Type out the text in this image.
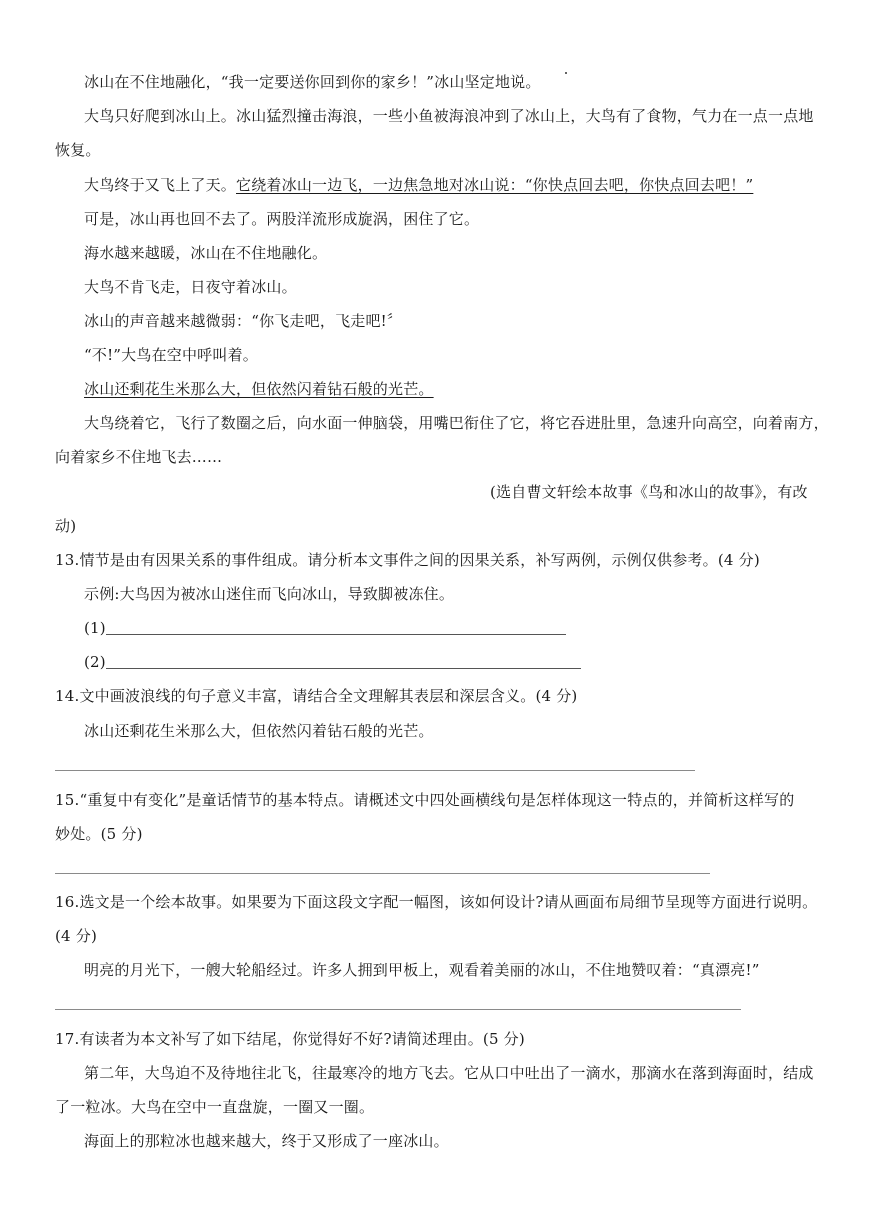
冰山在不住地融化，“我一定要送你回到你的家乡！”冰山坚定地说。
大鸟只好爬到冰山上。冰山猛烈撞击海浪，一些小鱼被海浪冲到了冰山上，大鸟有了食物，气力在一点一点地
恢复。
大鸟终于又飞上了天。它绕着冰山一边飞，一边焦急地对冰山说：“你快点回去吧，你快点回去吧！”
可是，冰山再也回不去了。两股洋流形成旋涡，困住了它。
海水越来越暖，冰山在不住地融化。
大鸟不肯飞走，日夜守着冰山。
冰山的声音越来越微弱：“你飞走吧，飞走吧!〞
“不!”大鸟在空中呼叫着。
冰山还剩花生米那么大，但依然闪着钻石般的光芒。
大鸟绕着它，飞行了数圈之后，向水面一伸脑袋，用嘴巴衔住了它，将它吞进肚里，急速升向高空，向着南方，
向着家乡不住地飞去……
(选自曹文轩绘本故事《鸟和冰山的故事》，有改
动)
13.情节是由有因果关系的事件组成。请分析本文事件之间的因果关系，补写两例，示例仅供参考。(4 分)
示例:大鸟因为被冰山迷住而飞向冰山，导致脚被冻住。
(1)
(2)
14.文中画波浪线的句子意义丰富，请结合全文理解其表层和深层含义。(4 分)
冰山还剩花生米那么大，但依然闪着钻石般的光芒。
15.“重复中有变化”是童话情节的基本特点。请概述文中四处画横线句是怎样体现这一特点的，并简析这样写的
妙处。(5 分)
16.选文是一个绘本故事。如果要为下面这段文字配一幅图，该如何设计?请从画面布局细节呈现等方面进行说明。
(4 分)
明亮的月光下，一艘大轮船经过。许多人拥到甲板上，观看着美丽的冰山，不住地赞叹着：“真漂亮!”
17.有读者为本文补写了如下结尾，你觉得好不好?请简述理由。(5 分)
第二年，大鸟迫不及待地往北飞，往最寒冷的地方飞去。它从口中吐出了一滴水，那滴水在落到海面时，结成
了一粒冰。大鸟在空中一直盘旋，一圈又一圈。
海面上的那粒冰也越来越大，终于又形成了一座冰山。
